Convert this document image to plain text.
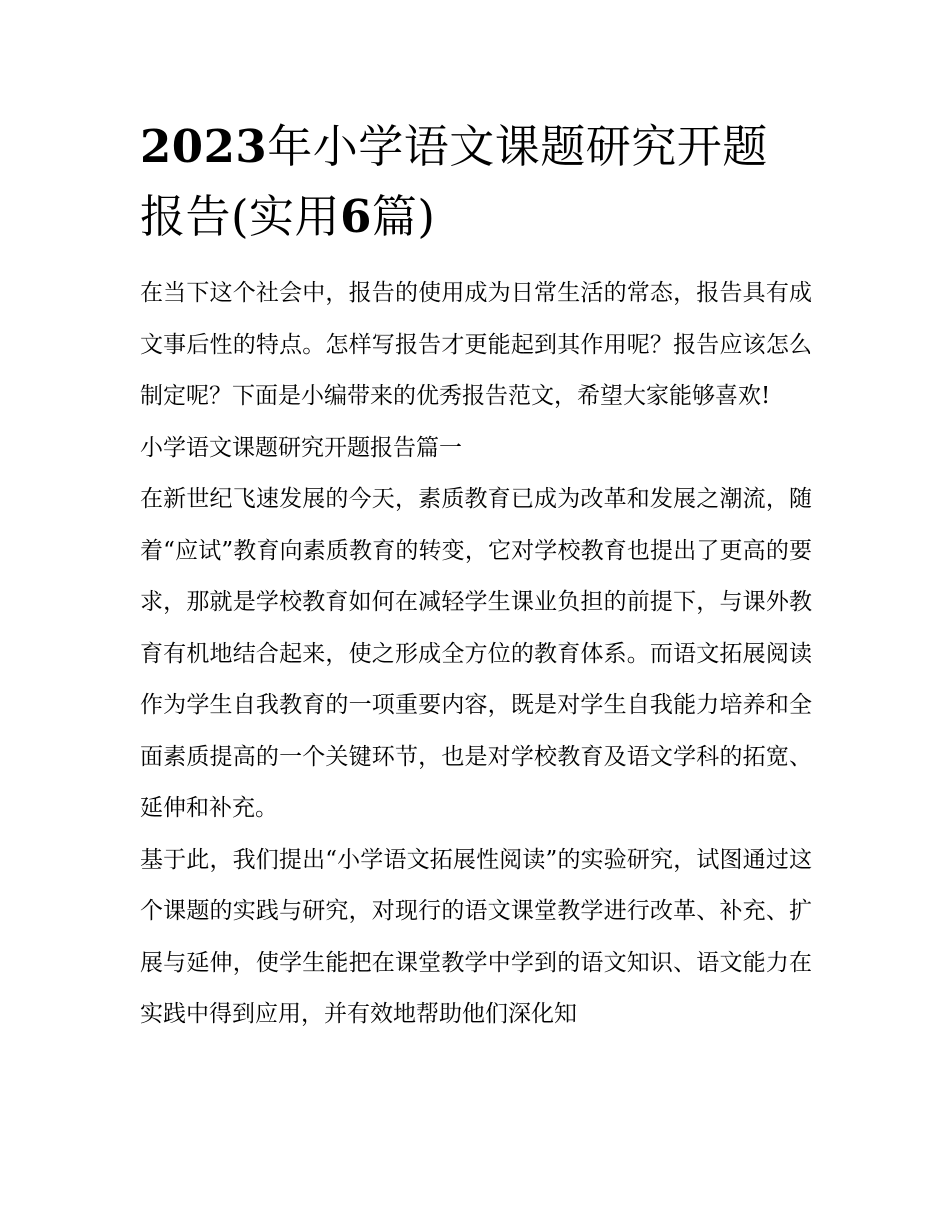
2023年小学语文课题研究开题报告(实用6篇)

在当下这个社会中，报告的使用成为日常生活的常态，报告具有成文事后性的特点。怎样写报告才更能起到其作用呢？报告应该怎么制定呢？下面是小编带来的优秀报告范文，希望大家能够喜欢!

小学语文课题研究开题报告篇一

在新世纪飞速发展的今天，素质教育已成为改革和发展之潮流，随着“应试”教育向素质教育的转变，它对学校教育也提出了更高的要求，那就是学校教育如何在减轻学生课业负担的前提下，与课外教育有机地结合起来，使之形成全方位的教育体系。而语文拓展阅读作为学生自我教育的一项重要内容，既是对学生自我能力培养和全面素质提高的一个关键环节，也是对学校教育及语文学科的拓宽、延伸和补充。

基于此，我们提出“小学语文拓展性阅读”的实验研究，试图通过这个课题的实践与研究，对现行的语文课堂教学进行改革、补充、扩展与延伸，使学生能把在课堂教学中学到的语文知识、语文能力在实践中得到应用，并有效地帮助他们深化知
